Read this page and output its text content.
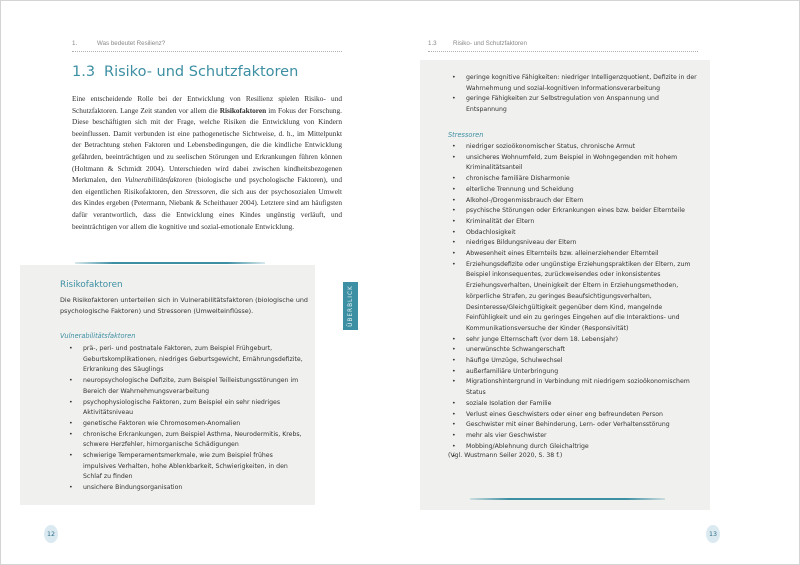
1.	Was bedeutet Resilienz?
1.3 Risiko- und Schutzfaktoren
Eine entscheidende Rolle bei der Entwicklung von Resilienz spielen Risiko- und Schutzfaktoren. Lange Zeit standen vor allem die Risikofaktoren im Fokus der Forschung. Diese beschäftigten sich mit der Frage, welche Risiken die Entwicklung von Kindern beeinflussen. Damit verbunden ist eine pathogenetische Sichtweise, d. h., im Mittelpunkt der Betrachtung stehen Faktoren und Lebensbedingungen, die die kindliche Entwicklung gefährden, beeinträchtigen und zu seelischen Störungen und Erkrankungen führen können (Holtmann & Schmidt 2004). Unterschieden wird dabei zwischen kindheitsbezogenen Merkmalen, den Vulnerabilitätsfaktoren (biologische und psychologische Faktoren), und den eigentlichen Risikofaktoren, den Stressoren, die sich aus der psychosozialen Umwelt des Kindes ergeben (Petermann, Niebank & Scheithauer 2004). Letztere sind am häufigsten dafür verantwortlich, dass die Entwicklung eines Kindes ungünstig verläuft, und beeinträchtigen vor allem die kognitive und sozial-emotionale Entwicklung.
Risikofaktoren
Die Risikofaktoren unterteilen sich in Vulnerabilitätsfaktoren (biologische und psychologische Faktoren) und Stressoren (Umwelteinflüsse).
Vulnerabilitätsfaktoren
• prä-, peri- und postnatale Faktoren, zum Beispiel Frühgeburt, Geburtskomplikationen, niedriges Geburtsgewicht, Ernährungsdefizite, Erkrankung des Säuglings
• neuropsychologische Defizite, zum Beispiel Teilleistungsstörungen im Bereich der Wahrnehmungsverarbeitung
• psychophysiologische Faktoren, zum Beispiel ein sehr niedriges Aktivitätsniveau
• genetische Faktoren wie Chromosomen-Anomalien
• chronische Erkrankungen, zum Beispiel Asthma, Neurodermitis, Krebs, schwere Herzfehler, hirnorganische Schädigungen
• schwierige Temperamentsmerkmale, wie zum Beispiel frühes impulsives Verhalten, hohe Ablenkbarkeit, Schwierigkeiten, in den Schlaf zu finden
• unsichere Bindungsorganisation
ÜBERBLICK
12
1.3	Risiko- und Schutzfaktoren
• geringe kognitive Fähigkeiten: niedriger Intelligenzquotient, Defizite in der Wahrnehmung und sozial-kognitiven Informationsverarbeitung
• geringe Fähigkeiten zur Selbstregulation von Anspannung und Entspannung
Stressoren
• niedriger sozioökonomischer Status, chronische Armut
• unsicheres Wohnumfeld, zum Beispiel in Wohngegenden mit hohem Kriminalitätsanteil
• chronische familiäre Disharmonie
• elterliche Trennung und Scheidung
• Alkohol-/Drogenmissbrauch der Eltern
• psychische Störungen oder Erkrankungen eines bzw. beider Elternteile
• Kriminalität der Eltern
• Obdachlosigkeit
• niedriges Bildungsniveau der Eltern
• Abwesenheit eines Elternteils bzw. alleinerziehender Elternteil
• Erziehungsdefizite oder ungünstige Erziehungspraktiken der Eltern, zum Beispiel inkonsequentes, zurückweisendes oder inkonsistentes Erziehungsverhalten, Uneinigkeit der Eltern in Erziehungsmethoden, körperliche Strafen, zu geringes Beaufsichtigungsverhalten, Desinteresse/Gleichgültigkeit gegenüber dem Kind, mangelnde Feinfühligkeit und ein zu geringes Eingehen auf die Interaktions- und Kommunikationsversuche der Kinder (Responsivität)
• sehr junge Elternschaft (vor dem 18. Lebensjahr)
• unerwünschte Schwangerschaft
• häufige Umzüge, Schulwechsel
• außerfamiliäre Unterbringung
• Migrationshintergrund in Verbindung mit niedrigem sozioökonomischem Status
• soziale Isolation der Familie
• Verlust eines Geschwisters oder einer eng befreundeten Person
• Geschwister mit einer Behinderung, Lern- oder Verhaltensstörung
• mehr als vier Geschwister
• Mobbing/Ablehnung durch Gleichaltrige
(Vgl. Wustmann Seiler 2020, S. 38 f.)
13
